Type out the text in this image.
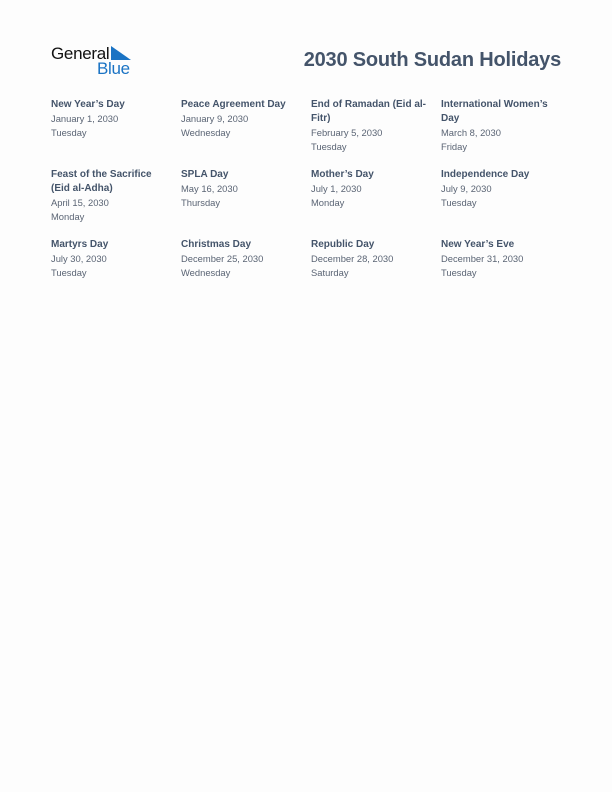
General
Blue	2030 South Sudan Holidays
New Year’s Day
January 1, 2030
Tuesday
Peace Agreement Day
January 9, 2030
Wednesday
End of Ramadan (Eid al-Fitr)
February 5, 2030
Tuesday
International Women’s Day
March 8, 2030
Friday
Feast of the Sacrifice (Eid al-Adha)
April 15, 2030
Monday
SPLA Day
May 16, 2030
Thursday
Mother’s Day
July 1, 2030
Monday
Independence Day
July 9, 2030
Tuesday
Martyrs Day
July 30, 2030
Tuesday
Christmas Day
December 25, 2030
Wednesday
Republic Day
December 28, 2030
Saturday
New Year’s Eve
December 31, 2030
Tuesday
